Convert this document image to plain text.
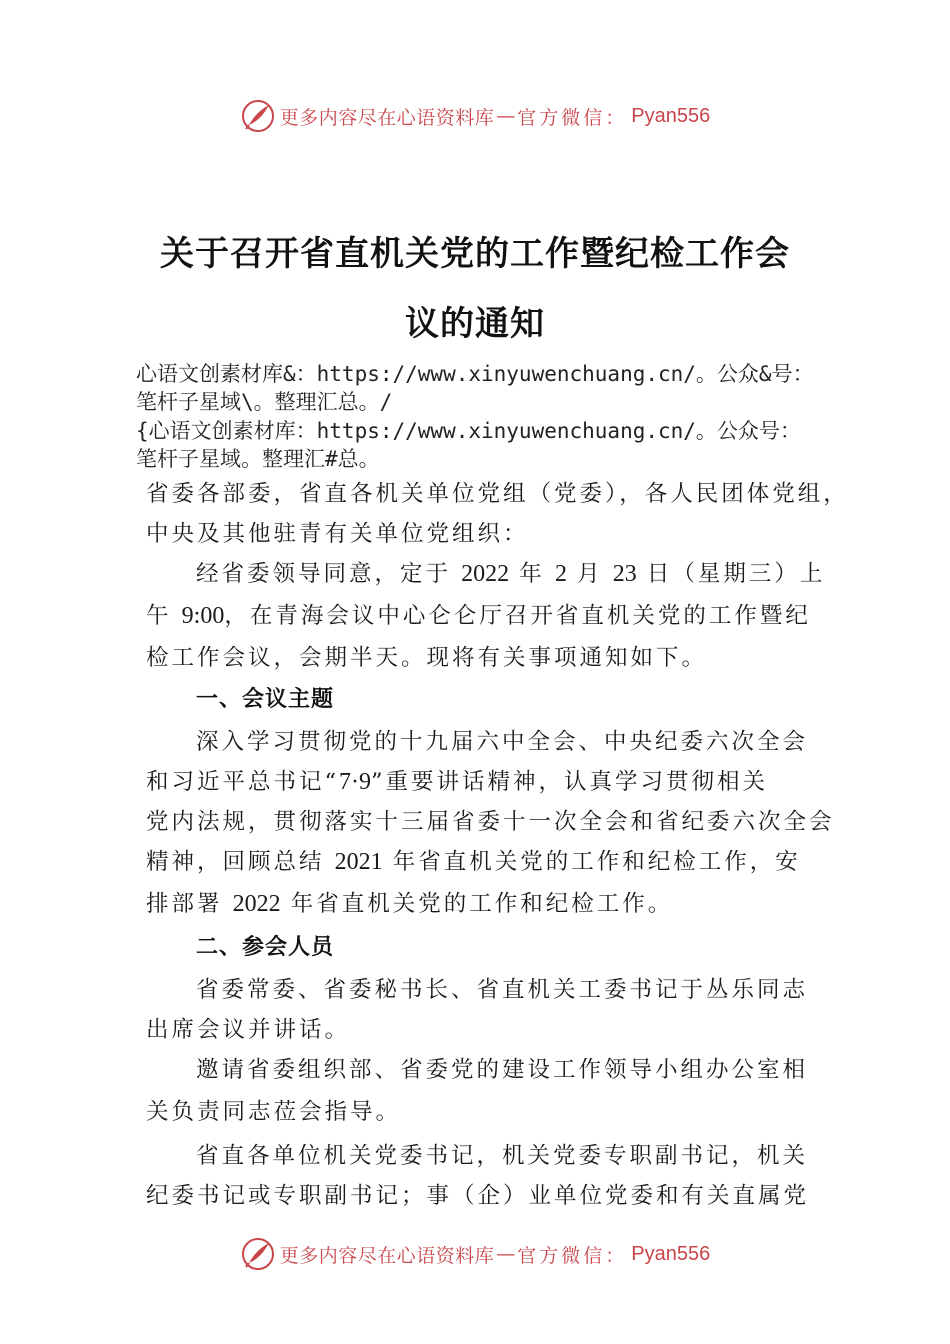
更多内容尽在心语资料库 — 官方微信： Pyan556
关于召开省直机关党的工作暨纪检工作会
议的通知
心语文创素材库&：https://www.xinyuwenchuang.cn/。公众&号：
笔杆子星域\。整理汇总。/
{心语文创素材库：https://www.xinyuwenchuang.cn/。公众号：
笔杆子星域。整理汇#总。

省委各部委，省直各机关单位党组（党委），各人民团体党组，

中央及其他驻青有关单位党组织：

经省委领导同意，定于 2022 年 2 月 23 日（星期三）上

午 9:00，在青海会议中心仑仑厅召开省直机关党的工作暨纪

检工作会议，会期半天。现将有关事项通知如下。

一、会议主题

深入学习贯彻党的十九届六中全会、中央纪委六次全会

和习近平总书记“7·9”重要讲话精神，认真学习贯彻相关

党内法规，贯彻落实十三届省委十一次全会和省纪委六次全会

精神，回顾总结 2021 年省直机关党的工作和纪检工作，安

排部署 2022 年省直机关党的工作和纪检工作。

二、参会人员

省委常委、省委秘书长、省直机关工委书记于丛乐同志

出席会议并讲话。

邀请省委组织部、省委党的建设工作领导小组办公室相

关负责同志莅会指导。

省直各单位机关党委书记，机关党委专职副书记，机关

纪委书记或专职副书记；事（企）业单位党委和有关直属党

更多内容尽在心语资料库 — 官方微信： Pyan556
